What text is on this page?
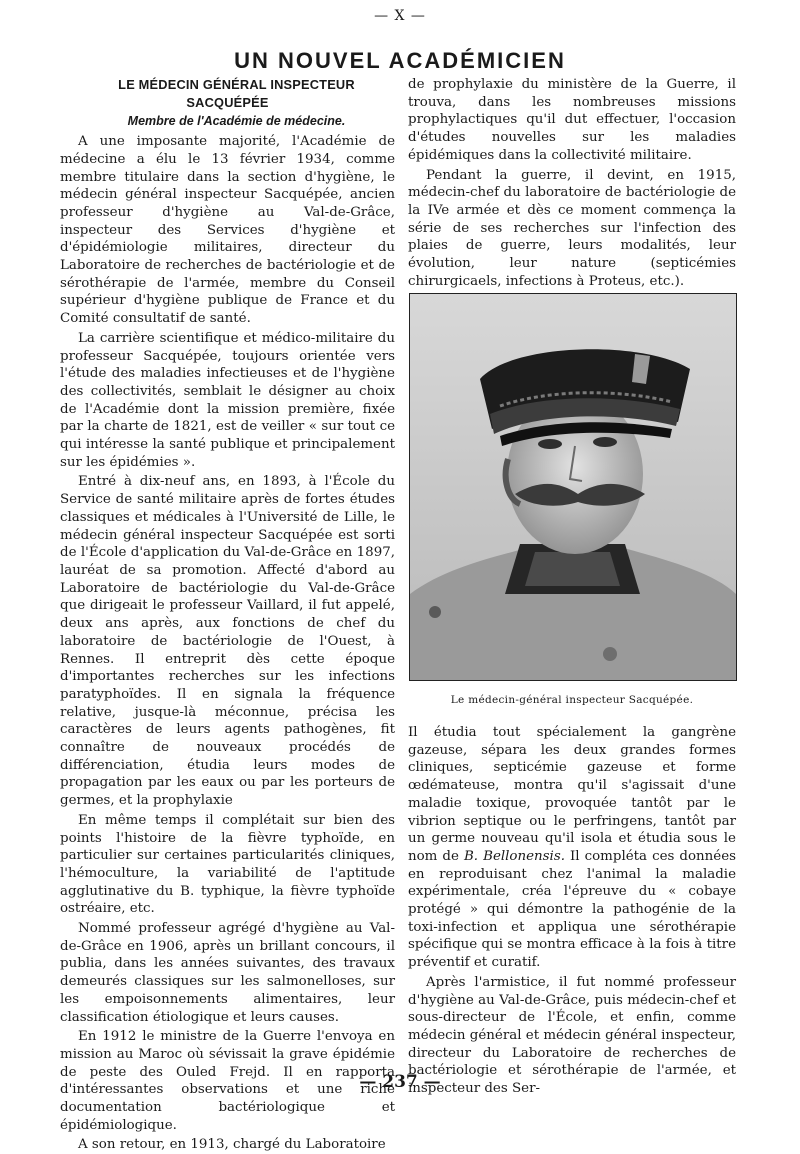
— X —
UN NOUVEL ACADÉMICIEN

LE MÉDECIN GÉNÉRAL INSPECTEUR SACQUÉPÉE

Membre de l'Académie de médecine.

A une imposante majorité, l'Académie de médecine a élu le 13 février 1934, comme membre titulaire dans la section d'hygiène, le médecin général inspecteur Sacquépée, ancien professeur d'hygiène au Val-de-Grâce, inspecteur des Services d'hygiène et d'épidémiologie militaires, directeur du Laboratoire de recherches de bactériologie et de sérothérapie de l'armée, membre du Conseil supérieur d'hygiène publique de France et du Comité consultatif de santé.

La carrière scientifique et médico-militaire du professeur Sacquépée, toujours orientée vers l'étude des maladies infectieuses et de l'hygiène des collectivités, semblait le désigner au choix de l'Académie dont la mission première, fixée par la charte de 1821, est de veiller « sur tout ce qui intéresse la santé publique et principalement sur les épidémies ».

Entré à dix-neuf ans, en 1893, à l'École du Service de santé militaire après de fortes études classiques et médicales à l'Université de Lille, le médecin général inspecteur Sacquépée est sorti de l'École d'application du Val-de-Grâce en 1897, lauréat de sa promotion. Affecté d'abord au Laboratoire de bactériologie du Val-de-Grâce que dirigeait le professeur Vaillard, il fut appelé, deux ans après, aux fonctions de chef du laboratoire de bactériologie de l'Ouest, à Rennes. Il entreprit dès cette époque d'importantes recherches sur les infections paratyphoïdes. Il en signala la fréquence relative, jusque-là méconnue, précisa les caractères de leurs agents pathogènes, fit connaître de nouveaux procédés de différenciation, étudia leurs modes de propagation par les eaux ou par les porteurs de germes, et la prophylaxie

En même temps il complétait sur bien des points l'histoire de la fièvre typhoïde, en particulier sur certaines particularités cliniques, l'hémoculture, la variabilité de l'aptitude agglutinative du B. typhique, la fièvre typhoïde ostréaire, etc.

Nommé professeur agrégé d'hygiène au Val-de-Grâce en 1906, après un brillant concours, il publia, dans les années suivantes, des travaux demeurés classiques sur les salmonelloses, sur les empoisonnements alimentaires, leur classification étiologique et leurs causes.

En 1912 le ministre de la Guerre l'envoya en mission au Maroc où sévissait la grave épidémie de peste des Ouled Frejd. Il en rapporta d'intéressantes observations et une riche documentation bactériologique et épidémiologique.

A son retour, en 1913, chargé du Laboratoire

de prophylaxie du ministère de la Guerre, il trouva, dans les nombreuses missions prophylactiques qu'il dut effectuer, l'occasion d'études nouvelles sur les maladies épidémiques dans la collectivité militaire.

Pendant la guerre, il devint, en 1915, médecin-chef du laboratoire de bactériologie de la IVe armée et dès ce moment commença la série de ses recherches sur l'infection des plaies de guerre, leurs modalités, leur évolution, leur nature (septicémies chirurgicaels, infections à Proteus, etc.).

Il étudia tout spécialement la gangrène gazeuse, sépara les deux grandes formes cliniques, septicémie gazeuse et forme œdémateuse, montra qu'il s'agissait d'une maladie toxique, provoquée tantôt par le vibrion septique ou le perfringens, tantôt par un germe nouveau qu'il isola et étudia sous le nom de B. Bellonensis. Il compléta ces données en reproduisant chez l'animal la maladie expérimentale, créa l'épreuve du « cobaye protégé » qui démontre la pathogénie de la toxi-infection et appliqua une sérothérapie spécifique qui se montra efficace à la fois à titre préventif et curatif.

Après l'armistice, il fut nommé professeur d'hygiène au Val-de-Grâce, puis médecin-chef et sous-directeur de l'École, et enfin, comme médecin général et médecin général inspecteur, directeur du Laboratoire de recherches de bactériologie et sérothérapie de l'armée, et inspecteur des Ser-

Le médecin-général inspecteur Sacquépée.
— 237 —
